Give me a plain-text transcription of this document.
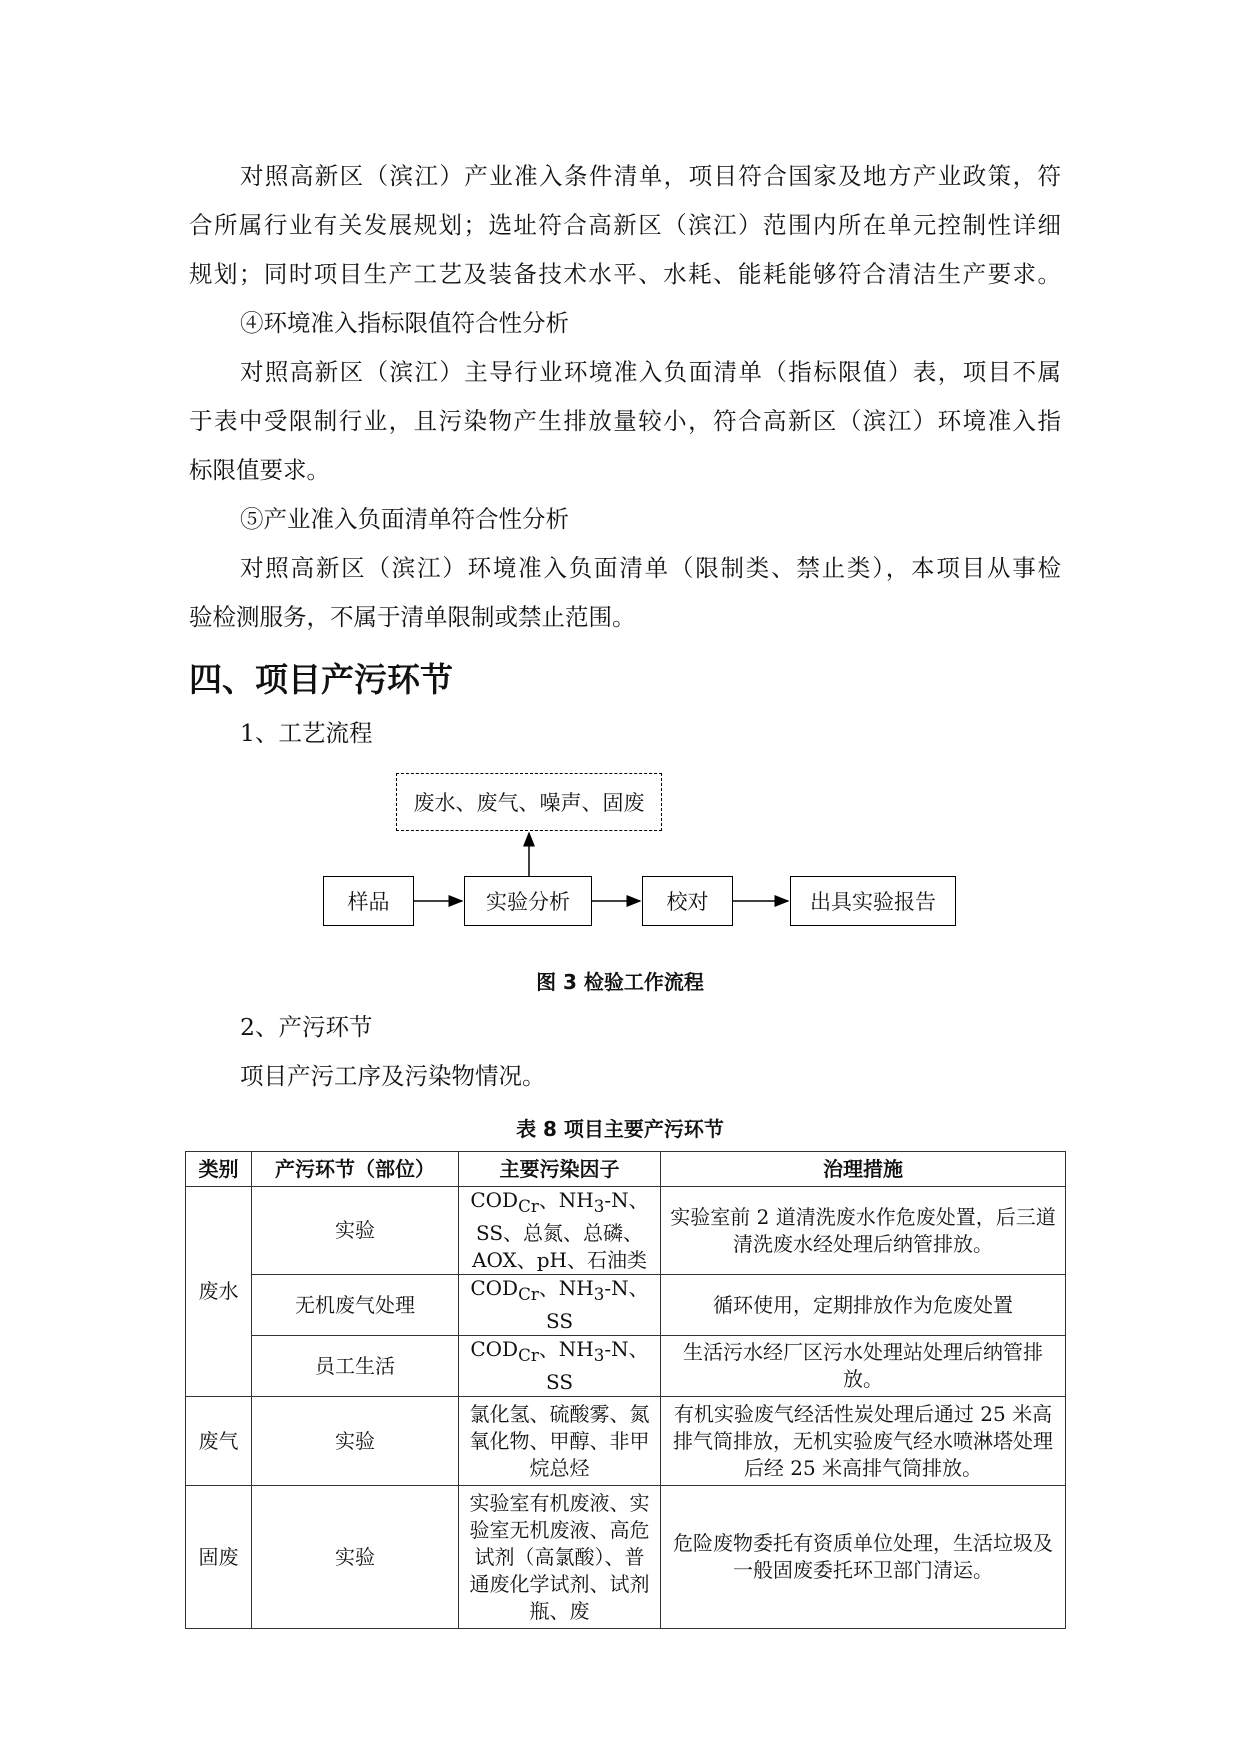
对照高新区（滨江）产业准入条件清单，项目符合国家及地方产业政策，符
合所属行业有关发展规划；选址符合高新区（滨江）范围内所在单元控制性详细
规划；同时项目生产工艺及装备技术水平、水耗、能耗能够符合清洁生产要求。
④环境准入指标限值符合性分析
对照高新区（滨江）主导行业环境准入负面清单（指标限值）表，项目不属
于表中受限制行业，且污染物产生排放量较小，符合高新区（滨江）环境准入指
标限值要求。
⑤产业准入负面清单符合性分析
对照高新区（滨江）环境准入负面清单（限制类、禁止类），本项目从事检
验检测服务，不属于清单限制或禁止范围。
四、项目产污环节
1、工艺流程
废水、废气、噪声、固废
样品	实验分析	校对	出具实验报告
图 3 检验工作流程
2、产污环节
项目产污工序及污染物情况。
表 8 项目主要产污环节
类别	产污环节（部位）	主要污染因子	治理措施
废水	实验	$COD_{Cr}$、$NH_3-N$、SS、总氮、总磷、AOX、pH、石油类	实验室前 2 道清洗废水作危废处置，后三道清洗废水经处理后纳管排放。
	无机废气处理	$COD_{Cr}$、$NH_3-N$、SS	循环使用，定期排放作为危废处置
	员工生活	$COD_{Cr}$、$NH_3-N$、SS	生活污水经厂区污水处理站处理后纳管排放。
废气	实验	氯化氢、硫酸雾、氮氧化物、甲醇、非甲烷总烃	有机实验废气经活性炭处理后通过 25 米高排气筒排放，无机实验废气经水喷淋塔处理后经 25 米高排气筒排放。
固废	实验	实验室有机废液、实验室无机废液、高危试剂（高氯酸）、普通废化学试剂、试剂瓶、废	危险废物委托有资质单位处理，生活垃圾及一般固废委托环卫部门清运。
